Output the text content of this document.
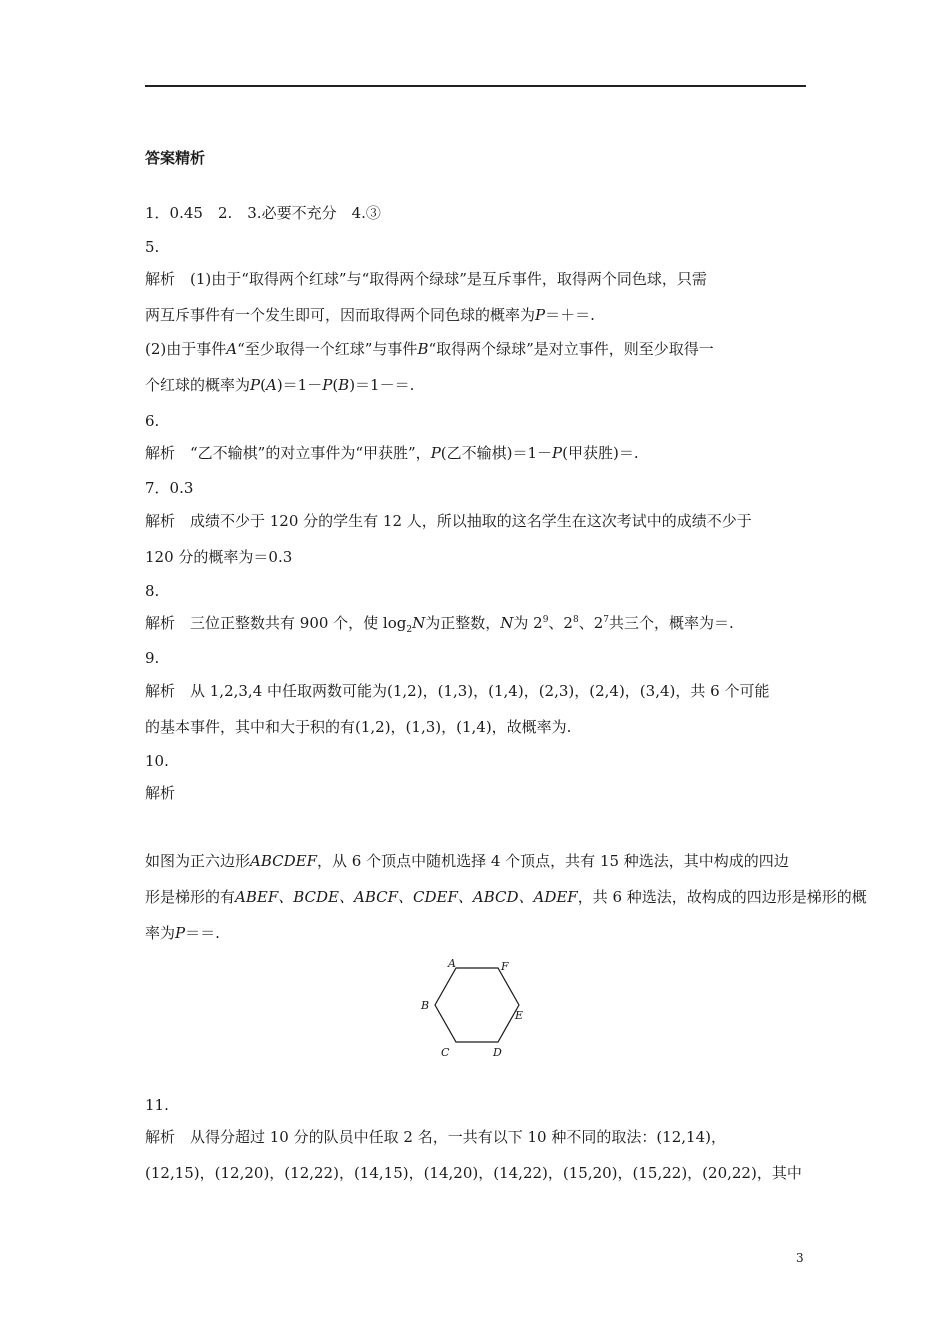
答案精析
1．0.45　2.　3.必要不充分　4.③
5.
解析　(1)由于“取得两个红球”与“取得两个绿球”是互斥事件，取得两个同色球，只需
两互斥事件有一个发生即可，因而取得两个同色球的概率为P＝＋＝.
(2)由于事件A“至少取得一个红球”与事件B“取得两个绿球”是对立事件，则至少取得一
个红球的概率为P(A)＝1－P(B)＝1－＝.
6.
解析　“乙不输棋”的对立事件为“甲获胜”，P(乙不输棋)＝1－P(甲获胜)＝.
7．0.3
解析　成绩不少于 120 分的学生有 12 人，所以抽取的这名学生在这次考试中的成绩不少于
120 分的概率为＝0.3
8.
解析　三位正整数共有 900 个，使 $\log_2N$为正整数，N为 $2^9$、$2^8$、$2^7$共三个，概率为＝.
9.
解析　从 1,2,3,4 中任取两数可能为(1,2)，(1,3)，(1,4)，(2,3)，(2,4)，(3,4)，共 6 个可能
的基本事件，其中和大于积的有(1,2)，(1,3)，(1,4)，故概率为.
10.
解析
如图为正六边形ABCDEF，从 6 个顶点中随机选择 4 个顶点，共有 15 种选法，其中构成的四边
形是梯形的有ABEF、BCDE、ABCF、CDEF、ABCD、ADEF，共 6 种选法，故构成的四边形是梯形的概
率为P＝＝.
A	F
B
E
C	D
11.
解析　从得分超过 10 分的队员中任取 2 名，一共有以下 10 种不同的取法：(12,14)，
(12,15)，(12,20)，(12,22)，(14,15)，(14,20)，(14,22)，(15,20)，(15,22)，(20,22)，其中
3
